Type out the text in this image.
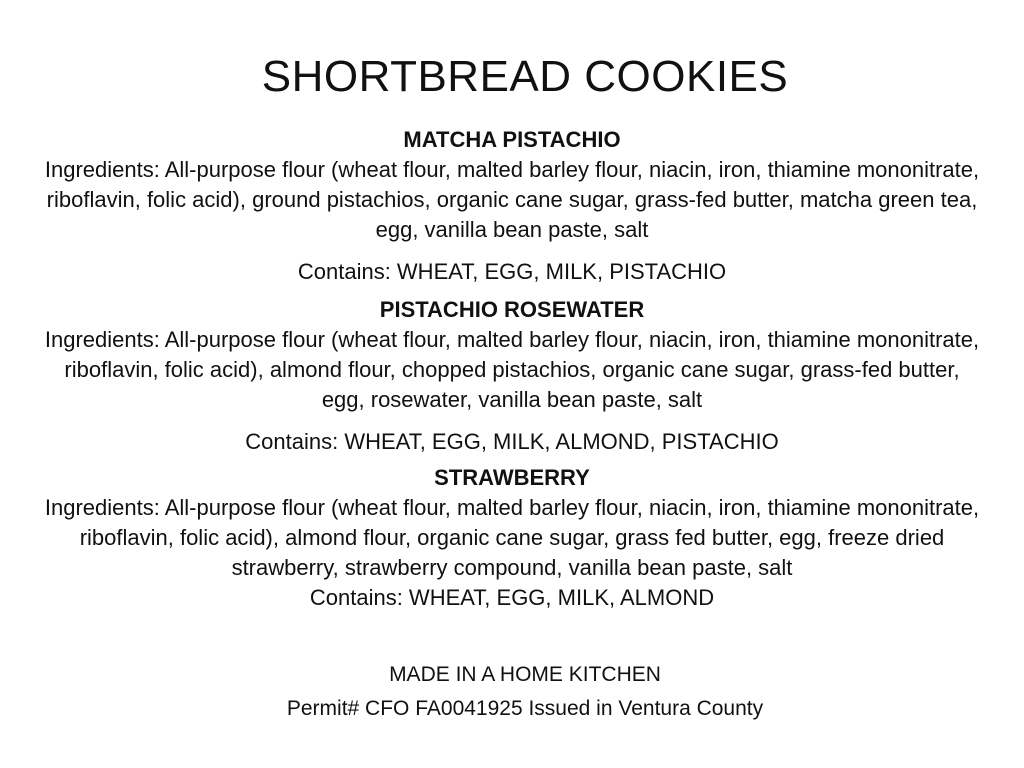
SHORTBREAD COOKIES
MATCHA PISTACHIO
Ingredients: All-purpose flour (wheat flour, malted barley flour, niacin, iron, thiamine mononitrate, riboflavin, folic acid), ground pistachios, organic cane sugar, grass-fed butter, matcha green tea, egg, vanilla bean paste, salt
Contains: WHEAT, EGG, MILK, PISTACHIO
PISTACHIO ROSEWATER
Ingredients: All-purpose flour (wheat flour, malted barley flour, niacin, iron, thiamine mononitrate, riboflavin, folic acid), almond flour, chopped pistachios, organic cane sugar, grass-fed butter, egg, rosewater, vanilla bean paste, salt
Contains: WHEAT, EGG, MILK, ALMOND, PISTACHIO
STRAWBERRY
Ingredients: All-purpose flour (wheat flour, malted barley flour, niacin, iron, thiamine mononitrate, riboflavin, folic acid), almond flour, organic cane sugar, grass fed butter, egg, freeze dried strawberry, strawberry compound, vanilla bean paste, salt
Contains: WHEAT, EGG, MILK, ALMOND
MADE IN A HOME KITCHEN
Permit# CFO FA0041925 Issued in Ventura County
